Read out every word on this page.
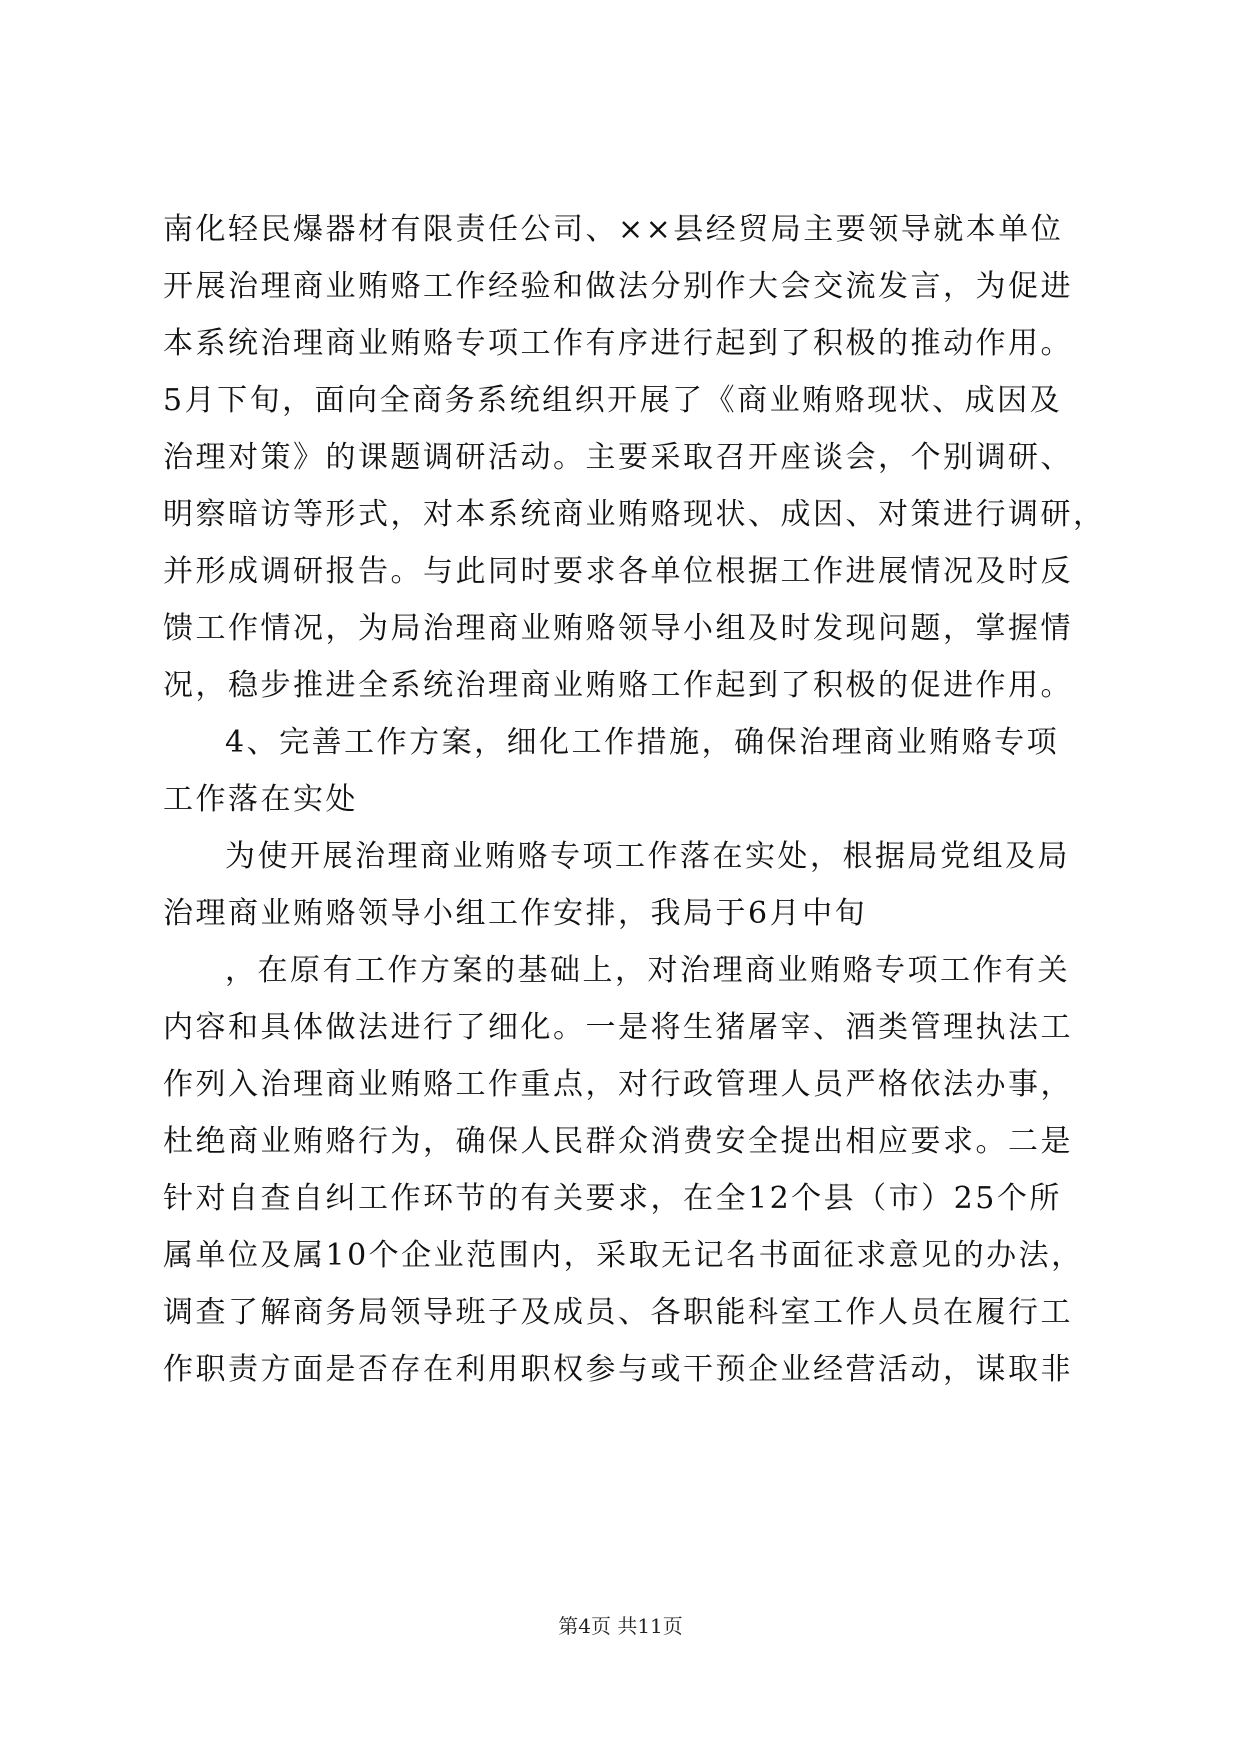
南化轻民爆器材有限责任公司、××县经贸局主要领导就本单位
开展治理商业贿赂工作经验和做法分别作大会交流发言，为促进
本系统治理商业贿赂专项工作有序进行起到了积极的推动作用。
5月下旬，面向全商务系统组织开展了《商业贿赂现状、成因及
治理对策》的课题调研活动。主要采取召开座谈会，个别调研、
明察暗访等形式，对本系统商业贿赂现状、成因、对策进行调研，
并形成调研报告。与此同时要求各单位根据工作进展情况及时反
馈工作情况，为局治理商业贿赂领导小组及时发现问题，掌握情
况，稳步推进全系统治理商业贿赂工作起到了积极的促进作用。
4、完善工作方案，细化工作措施，确保治理商业贿赂专项
工作落在实处
为使开展治理商业贿赂专项工作落在实处，根据局党组及局
治理商业贿赂领导小组工作安排，我局于6月中旬
，在原有工作方案的基础上，对治理商业贿赂专项工作有关
内容和具体做法进行了细化。一是将生猪屠宰、酒类管理执法工
作列入治理商业贿赂工作重点，对行政管理人员严格依法办事，
杜绝商业贿赂行为，确保人民群众消费安全提出相应要求。二是
针对自查自纠工作环节的有关要求，在全12个县（市）25个所
属单位及属10个企业范围内，采取无记名书面征求意见的办法，
调查了解商务局领导班子及成员、各职能科室工作人员在履行工
作职责方面是否存在利用职权参与或干预企业经营活动，谋取非
第4页 共11页
